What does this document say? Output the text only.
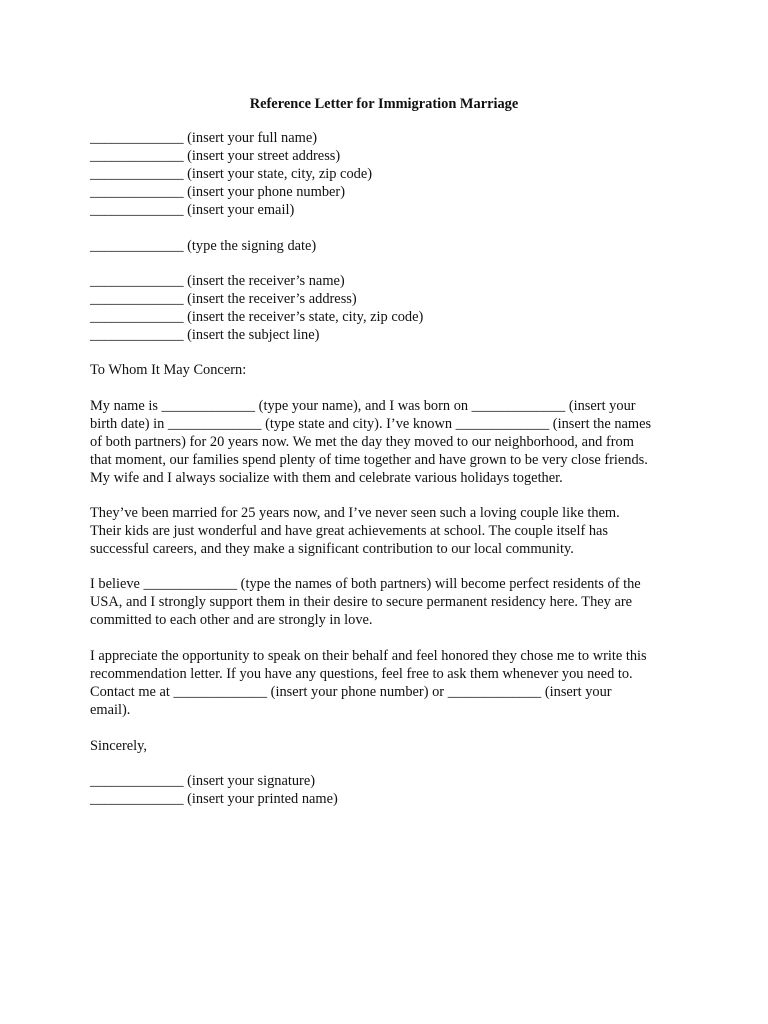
Reference Letter for Immigration Marriage
_____________ (insert your full name)
_____________ (insert your street address)
_____________ (insert your state, city, zip code)
_____________ (insert your phone number)
_____________ (insert your email)
_____________ (type the signing date)
_____________ (insert the receiver’s name)
_____________ (insert the receiver’s address)
_____________ (insert the receiver’s state, city, zip code)
_____________ (insert the subject line)
To Whom It May Concern:
My name is _____________ (type your name), and I was born on _____________ (insert your
birth date) in _____________ (type state and city). I’ve known _____________ (insert the names
of both partners) for 20 years now. We met the day they moved to our neighborhood, and from
that moment, our families spend plenty of time together and have grown to be very close friends.
My wife and I always socialize with them and celebrate various holidays together.
They’ve been married for 25 years now, and I’ve never seen such a loving couple like them.
Their kids are just wonderful and have great achievements at school. The couple itself has
successful careers, and they make a significant contribution to our local community.
I believe _____________ (type the names of both partners) will become perfect residents of the
USA, and I strongly support them in their desire to secure permanent residency here. They are
committed to each other and are strongly in love.
I appreciate the opportunity to speak on their behalf and feel honored they chose me to write this
recommendation letter. If you have any questions, feel free to ask them whenever you need to.
Contact me at _____________ (insert your phone number) or _____________ (insert your
email).
Sincerely,
_____________ (insert your signature)
_____________ (insert your printed name)
